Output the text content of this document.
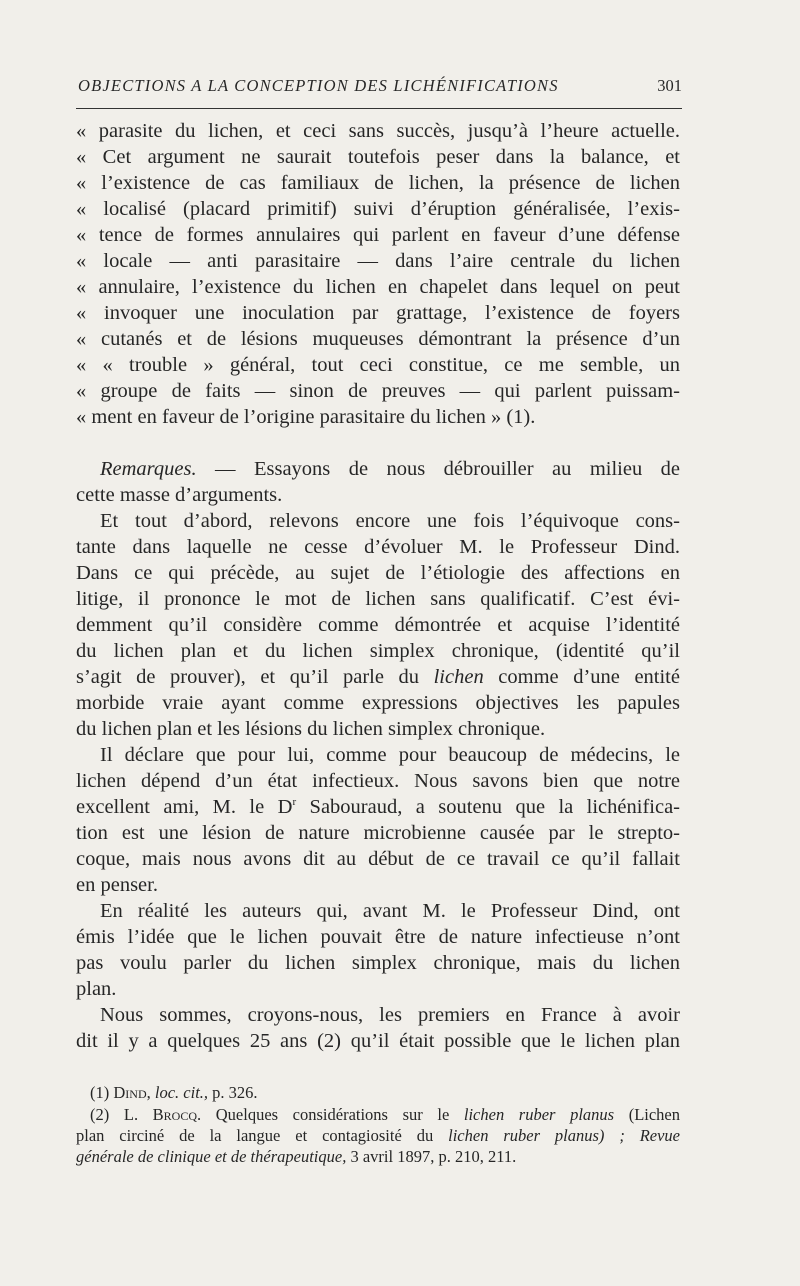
OBJECTIONS A LA CONCEPTION DES LICHÉNIFICATIONS	301
« parasite du lichen, et ceci sans succès, jusqu’à l’heure actuelle.
« Cet argument ne saurait toutefois peser dans la balance, et
« l’existence de cas familiaux de lichen, la présence de lichen
« localisé (placard primitif) suivi d’éruption généralisée, l’exis-
« tence de formes annulaires qui parlent en faveur d’une défense
« locale — anti parasitaire — dans l’aire centrale du lichen
« annulaire, l’existence du lichen en chapelet dans lequel on peut
« invoquer une inoculation par grattage, l’existence de foyers
« cutanés et de lésions muqueuses démontrant la présence d’un
« « trouble » général, tout ceci constitue, ce me semble, un
« groupe de faits — sinon de preuves — qui parlent puissam-
« ment en faveur de l’origine parasitaire du lichen » (1).
Remarques. — Essayons de nous débrouiller au milieu de
cette masse d’arguments.
Et tout d’abord, relevons encore une fois l’équivoque cons-
tante dans laquelle ne cesse d’évoluer M. le Professeur Dind.
Dans ce qui précède, au sujet de l’étiologie des affections en
litige, il prononce le mot de lichen sans qualificatif. C’est évi-
demment qu’il considère comme démontrée et acquise l’identité
du lichen plan et du lichen simplex chronique, (identité qu’il
s’agit de prouver), et qu’il parle du lichen comme d’une entité
morbide vraie ayant comme expressions objectives les papules
du lichen plan et les lésions du lichen simplex chronique.
Il déclare que pour lui, comme pour beaucoup de médecins, le
lichen dépend d’un état infectieux. Nous savons bien que notre
excellent ami, M. le $D^r$ Sabouraud, a soutenu que la lichénifica-
tion est une lésion de nature microbienne causée par le strepto-
coque, mais nous avons dit au début de ce travail ce qu’il fallait
en penser.
En réalité les auteurs qui, avant M. le Professeur Dind, ont
émis l’idée que le lichen pouvait être de nature infectieuse n’ont
pas voulu parler du lichen simplex chronique, mais du lichen
plan.
Nous sommes, croyons-nous, les premiers en France à avoir
dit il y a quelques 25 ans (2) qu’il était possible que le lichen plan
(1) Dind, loc. cit., p. 326.
(2) L. Brocq. Quelques considérations sur le lichen ruber planus (Lichen
plan circiné de la langue et contagiosité du lichen ruber planus) ; Revue
générale de clinique et de thérapeutique, 3 avril 1897, p. 210, 211.
